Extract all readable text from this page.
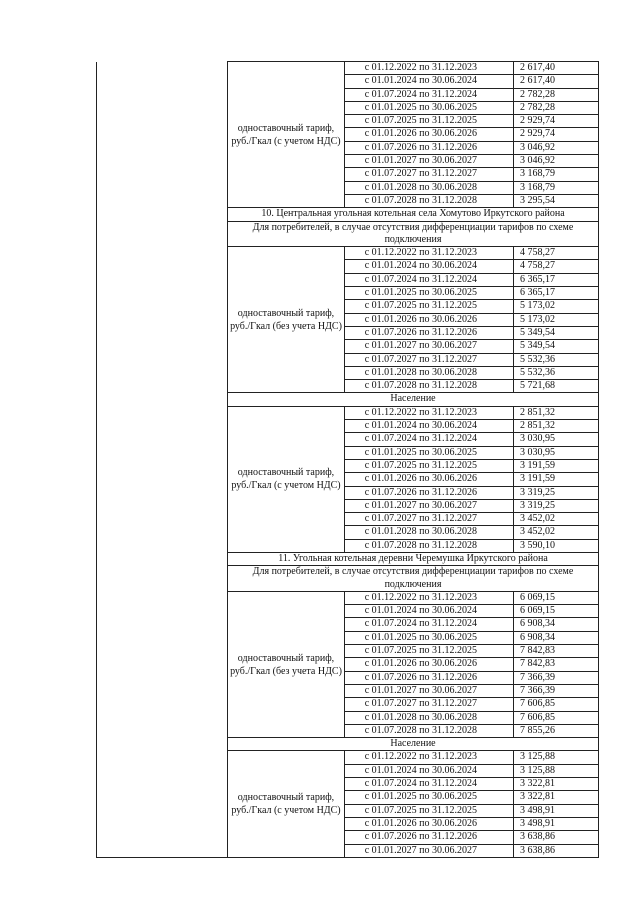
	одноставочный тариф, руб./Гкал (с учетом НДС)	с 01.12.2022 по 31.12.2023	2 617,40
		с 01.01.2024 по 30.06.2024	2 617,40
		с 01.07.2024 по 31.12.2024	2 782,28
		с 01.01.2025 по 30.06.2025	2 782,28
		с 01.07.2025 по 31.12.2025	2 929,74
		с 01.01.2026 по 30.06.2026	2 929,74
		с 01.07.2026 по 31.12.2026	3 046,92
		с 01.01.2027 по 30.06.2027	3 046,92
		с 01.07.2027 по 31.12.2027	3 168,79
		с 01.01.2028 по 30.06.2028	3 168,79
		с 01.07.2028 по 31.12.2028	3 295,54
	10. Центральная угольная котельная села Хомутово Иркутского района		
	Для потребителей, в случае отсутствия дифференциации тарифов по схеме подключения		
	одноставочный тариф, руб./Гкал (без учета НДС)	с 01.12.2022 по 31.12.2023	4 758,27
		с 01.01.2024 по 30.06.2024	4 758,27
		с 01.07.2024 по 31.12.2024	6 365,17
		с 01.01.2025 по 30.06.2025	6 365,17
		с 01.07.2025 по 31.12.2025	5 173,02
		с 01.01.2026 по 30.06.2026	5 173,02
		с 01.07.2026 по 31.12.2026	5 349,54
		с 01.01.2027 по 30.06.2027	5 349,54
		с 01.07.2027 по 31.12.2027	5 532,36
		с 01.01.2028 по 30.06.2028	5 532,36
		с 01.07.2028 по 31.12.2028	5 721,68
	Население		
	одноставочный тариф, руб./Гкал (с учетом НДС)	с 01.12.2022 по 31.12.2023	2 851,32
		с 01.01.2024 по 30.06.2024	2 851,32
		с 01.07.2024 по 31.12.2024	3 030,95
		с 01.01.2025 по 30.06.2025	3 030,95
		с 01.07.2025 по 31.12.2025	3 191,59
		с 01.01.2026 по 30.06.2026	3 191,59
		с 01.07.2026 по 31.12.2026	3 319,25
		с 01.01.2027 по 30.06.2027	3 319,25
		с 01.07.2027 по 31.12.2027	3 452,02
		с 01.01.2028 по 30.06.2028	3 452,02
		с 01.07.2028 по 31.12.2028	3 590,10
	11. Угольная котельная деревни Черемушка Иркутского района		
	Для потребителей, в случае отсутствия дифференциации тарифов по схеме подключения		
	одноставочный тариф, руб./Гкал (без учета НДС)	с 01.12.2022 по 31.12.2023	6 069,15
		с 01.01.2024 по 30.06.2024	6 069,15
		с 01.07.2024 по 31.12.2024	6 908,34
		с 01.01.2025 по 30.06.2025	6 908,34
		с 01.07.2025 по 31.12.2025	7 842,83
		с 01.01.2026 по 30.06.2026	7 842,83
		с 01.07.2026 по 31.12.2026	7 366,39
		с 01.01.2027 по 30.06.2027	7 366,39
		с 01.07.2027 по 31.12.2027	7 606,85
		с 01.01.2028 по 30.06.2028	7 606,85
		с 01.07.2028 по 31.12.2028	7 855,26
	Население		
	одноставочный тариф, руб./Гкал (с учетом НДС)	с 01.12.2022 по 31.12.2023	3 125,88
		с 01.01.2024 по 30.06.2024	3 125,88
		с 01.07.2024 по 31.12.2024	3 322,81
		с 01.01.2025 по 30.06.2025	3 322,81
		с 01.07.2025 по 31.12.2025	3 498,91
		с 01.01.2026 по 30.06.2026	3 498,91
		с 01.07.2026 по 31.12.2026	3 638,86
		с 01.01.2027 по 30.06.2027	3 638,86
